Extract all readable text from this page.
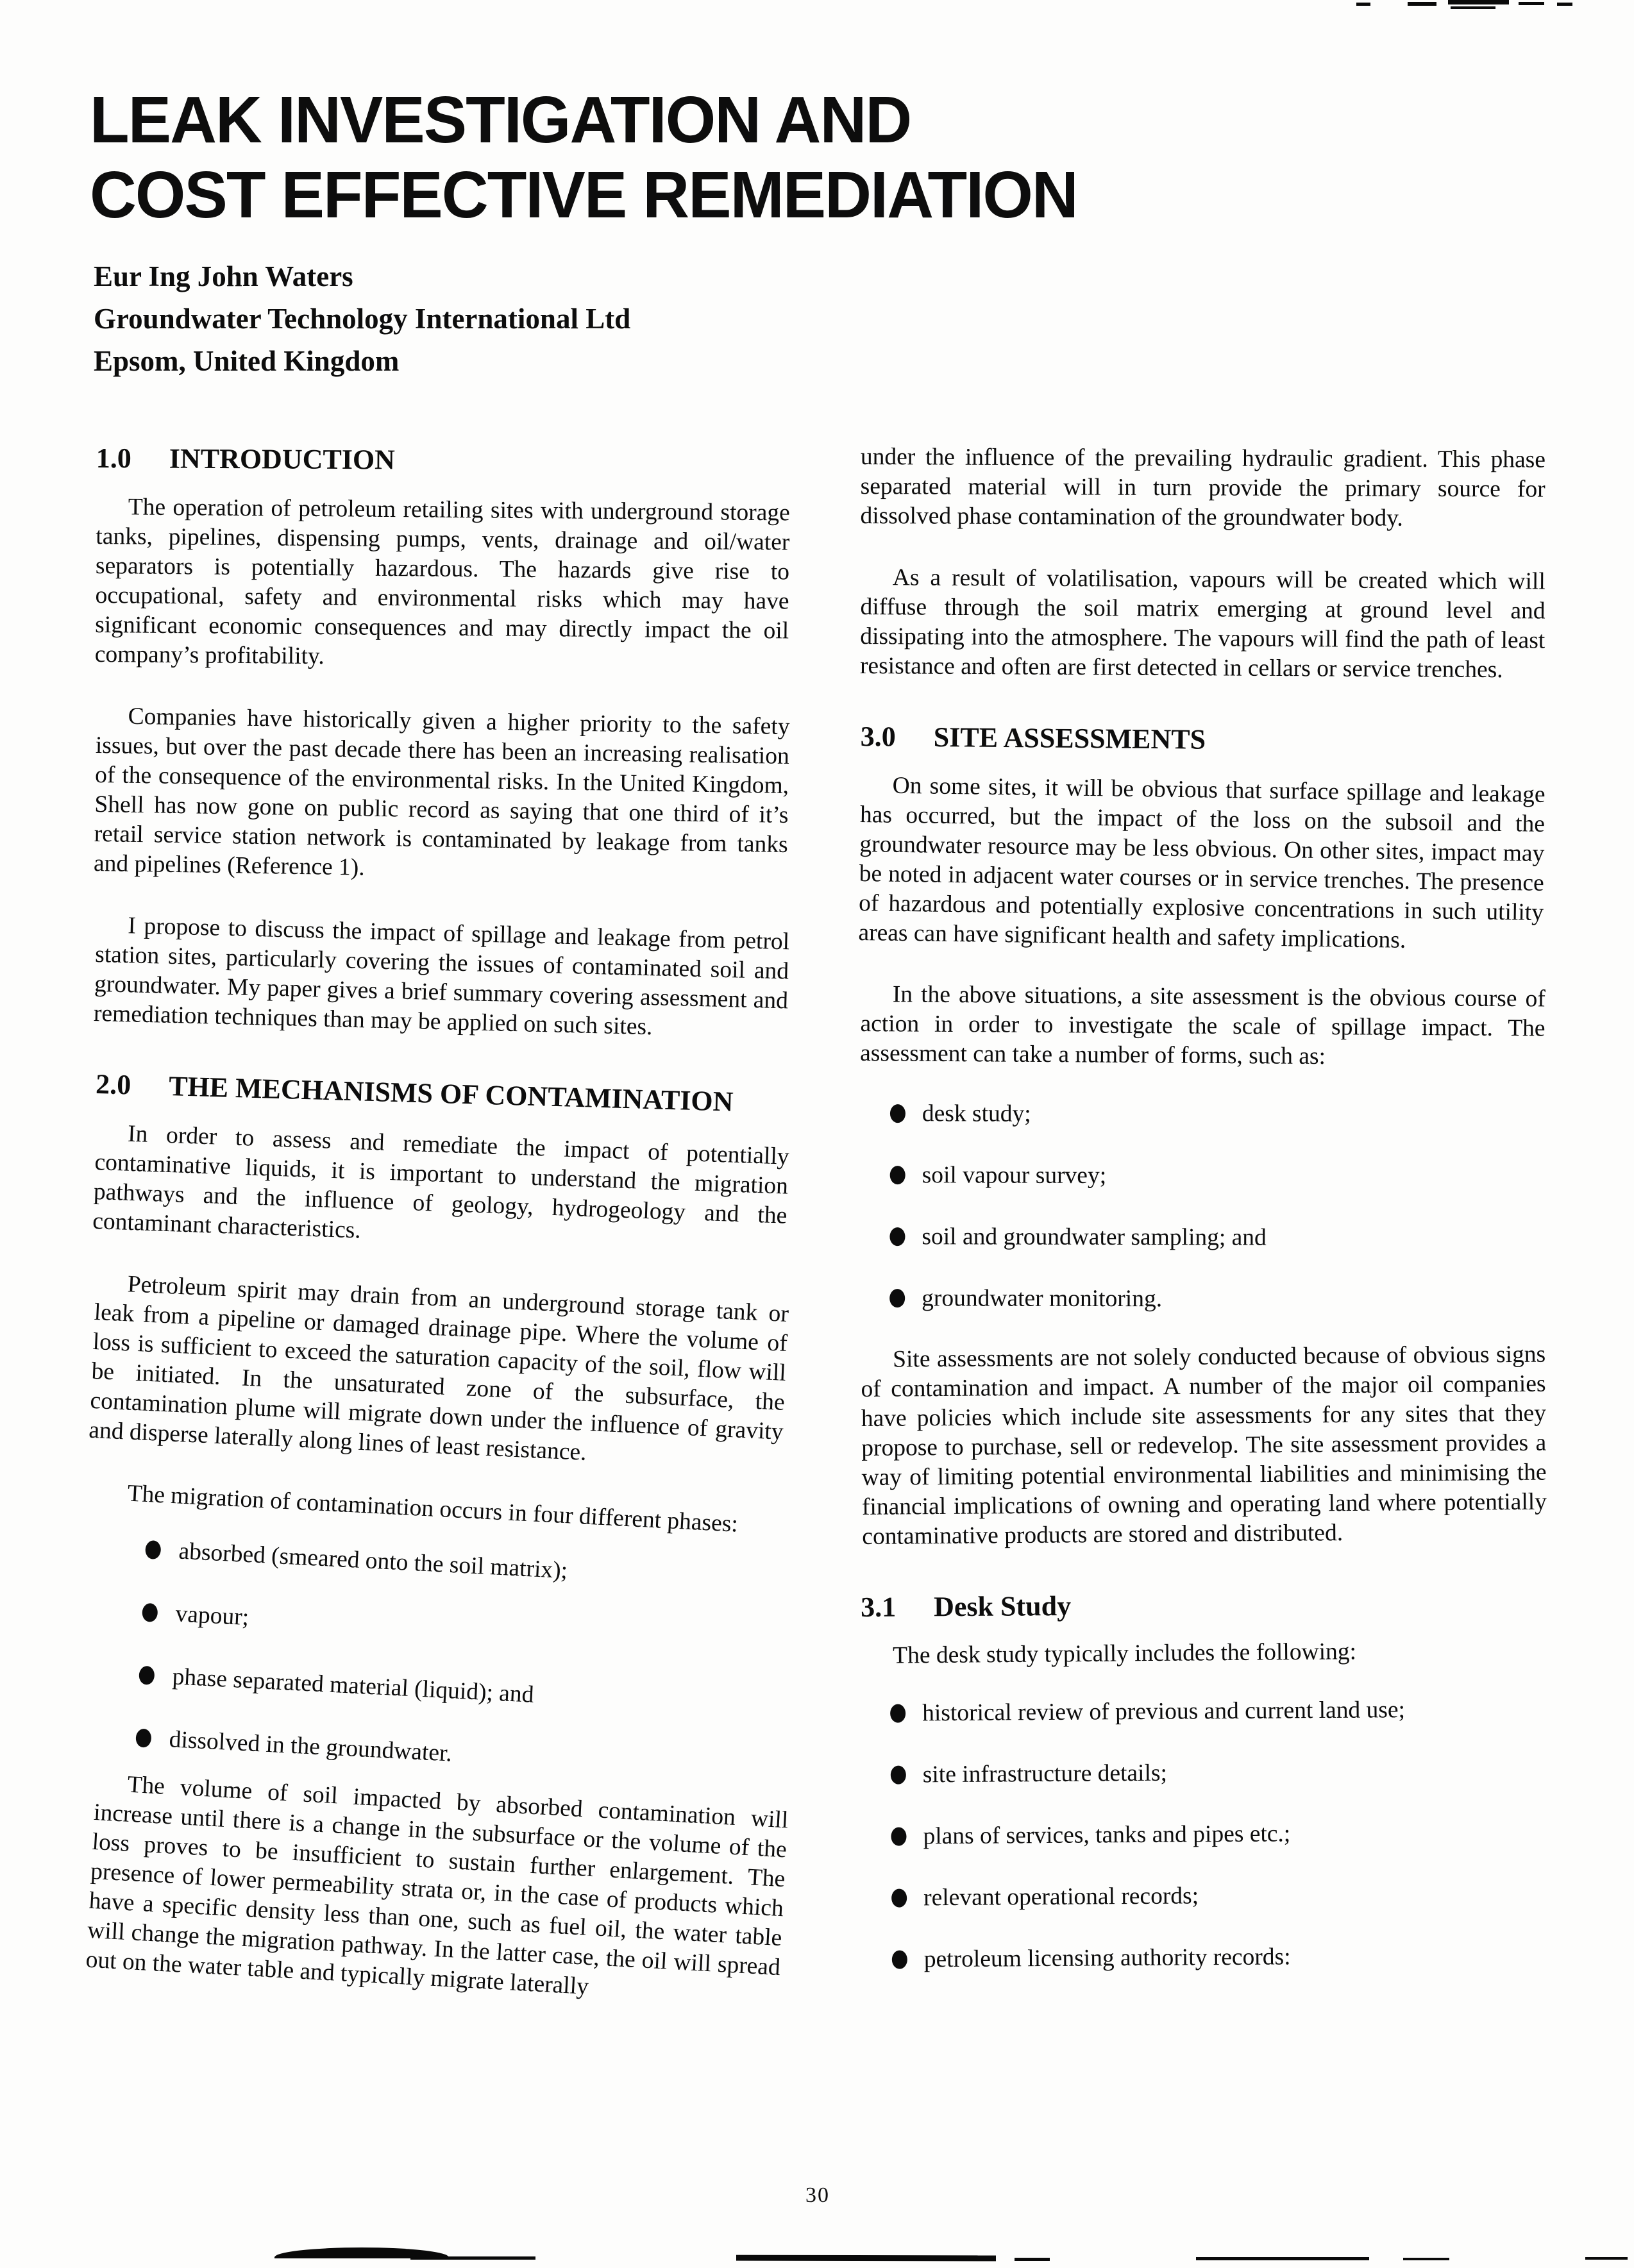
LEAK INVESTIGATION AND
COST EFFECTIVE REMEDIATION
Eur Ing John Waters
Groundwater Technology International Ltd
Epsom, United Kingdom
1.0 INTRODUCTION

The operation of petroleum retailing sites with underground storage tanks, pipelines, dispensing pumps, vents, drainage and oil/water separators is potentially hazardous. The hazards give rise to occupational, safety and environmental risks which may have significant economic consequences and may directly impact the oil company’s profitability.

Companies have historically given a higher priority to the safety issues, but over the past decade there has been an increasing realisation of the consequence of the environmental risks. In the United Kingdom, Shell has now gone on public record as saying that one third of it’s retail service station network is contaminated by leakage from tanks and pipelines (Reference 1).

I propose to discuss the impact of spillage and leakage from petrol station sites, particularly covering the issues of contaminated soil and groundwater. My paper gives a brief summary covering assessment and remediation techniques than may be applied on such sites.

2.0 THE MECHANISMS OF CONTAMINATION

In order to assess and remediate the impact of potentially contaminative liquids, it is important to understand the migration pathways and the influence of geology, hydrogeology and the contaminant characteristics.

Petroleum spirit may drain from an underground storage tank or leak from a pipeline or damaged drainage pipe. Where the volume of loss is sufficient to exceed the saturation capacity of the soil, flow will be initiated. In the unsaturated zone of the subsurface, the contamination plume will migrate down under the influence of gravity and disperse laterally along lines of least resistance.

The migration of contamination occurs in four different phases:

absorbed (smeared onto the soil matrix);
vapour;
phase separated material (liquid); and
dissolved in the groundwater.

The volume of soil impacted by absorbed contamination will increase until there is a change in the subsurface or the volume of the loss proves to be insufficient to sustain further enlargement. The presence of lower permeability strata or, in the case of products which have a specific density less than one, such as fuel oil, the water table will change the migration pathway. In the latter case, the oil will spread out on the water table and typically migrate laterally

under the influence of the prevailing hydraulic gradient. This phase separated material will in turn provide the primary source for dissolved phase contamination of the groundwater body.

As a result of volatilisation, vapours will be created which will diffuse through the soil matrix emerging at ground level and dissipating into the atmosphere. The vapours will find the path of least resistance and often are first detected in cellars or service trenches.

3.0 SITE ASSESSMENTS

On some sites, it will be obvious that surface spillage and leakage has occurred, but the impact of the loss on the subsoil and the groundwater resource may be less obvious. On other sites, impact may be noted in adjacent water courses or in service trenches. The presence of hazardous and potentially explosive concentrations in such utility areas can have significant health and safety implications.

In the above situations, a site assessment is the obvious course of action in order to investigate the scale of spillage impact. The assessment can take a number of forms, such as:

desk study;
soil vapour survey;
soil and groundwater sampling; and
groundwater monitoring.

Site assessments are not solely conducted because of obvious signs of contamination and impact. A number of the major oil companies have policies which include site assessments for any sites that they propose to purchase, sell or redevelop. The site assessment provides a way of limiting potential environmental liabilities and minimising the financial implications of owning and operating land where potentially contaminative products are stored and distributed.

3.1 Desk Study

The desk study typically includes the following:

historical review of previous and current land use;
site infrastructure details;
plans of services, tanks and pipes etc.;
relevant operational records;
petroleum licensing authority records:
30
